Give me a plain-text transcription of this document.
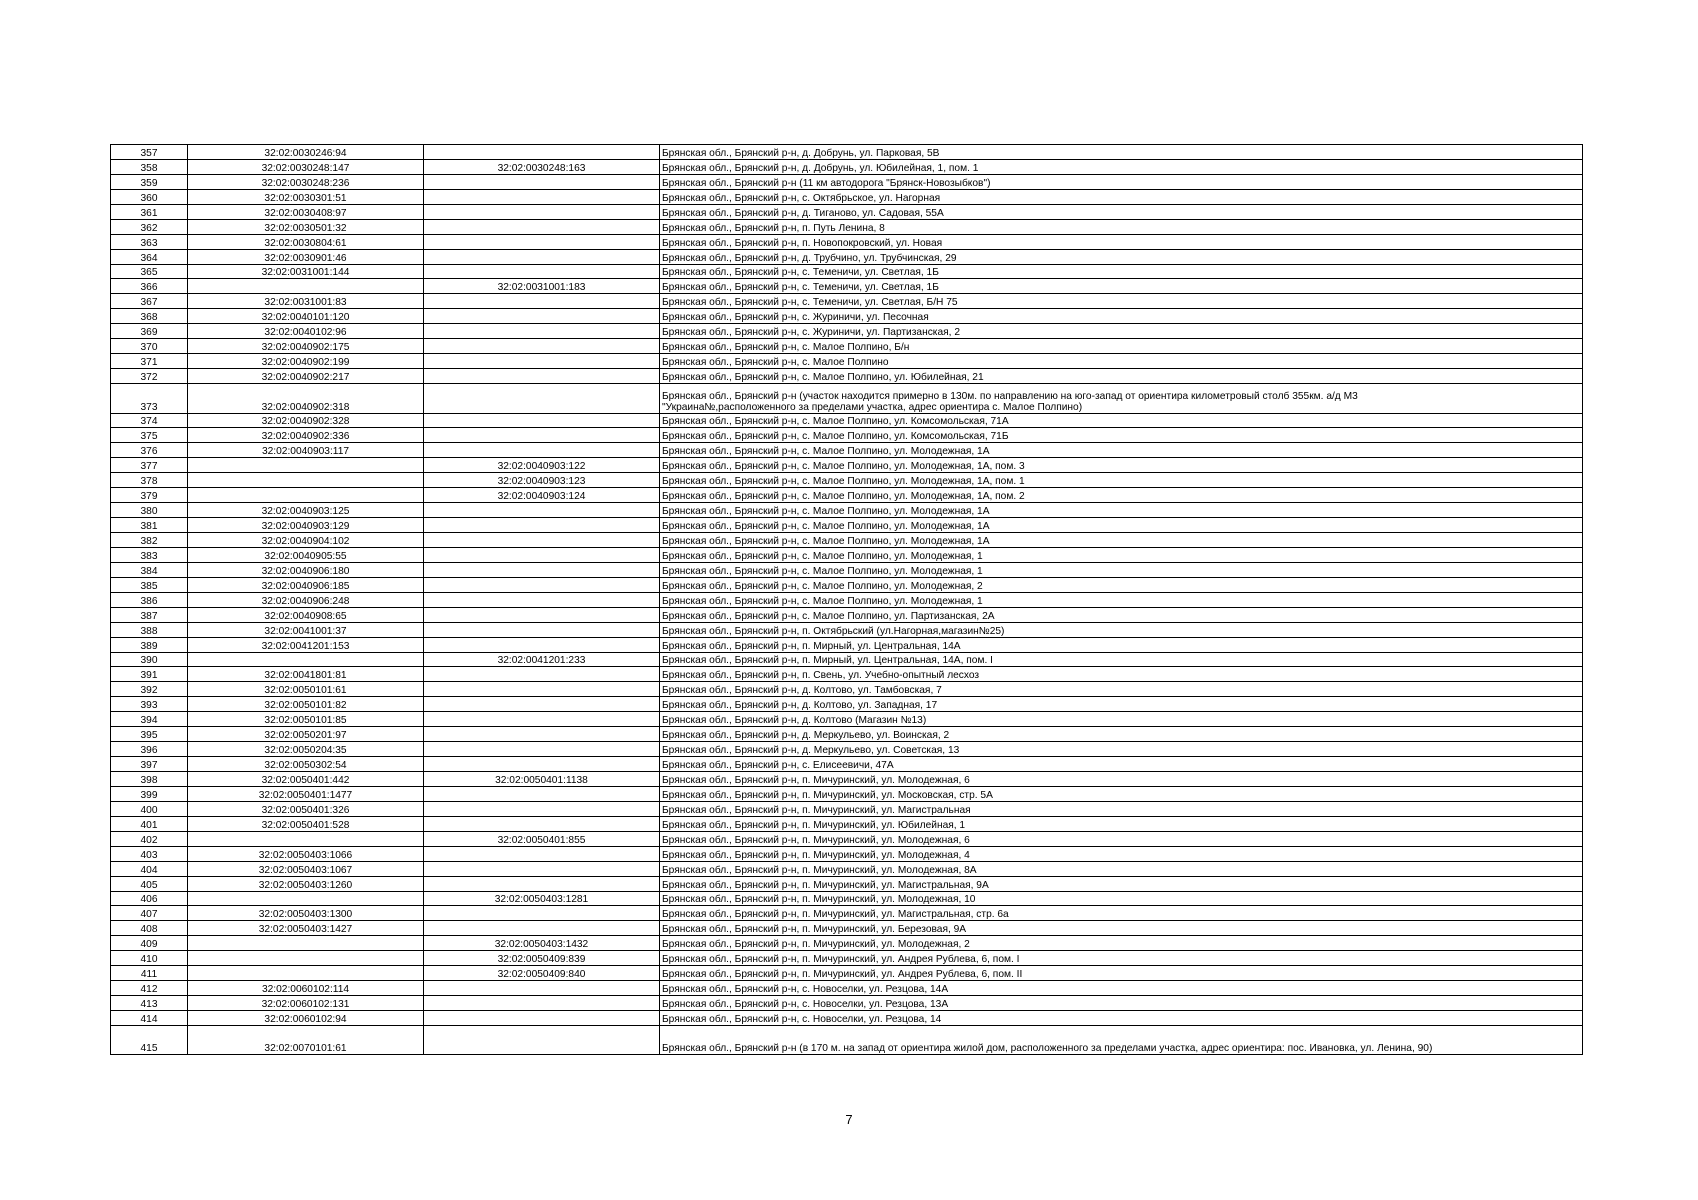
357	32:02:0030246:94		Брянская обл., Брянский р-н, д. Добрунь, ул. Парковая, 5В
358	32:02:0030248:147	32:02:0030248:163	Брянская обл., Брянский р-н, д. Добрунь, ул. Юбилейная, 1, пом. 1
359	32:02:0030248:236		Брянская обл., Брянский р-н (11 км автодорога "Брянск-Новозыбков")
360	32:02:0030301:51		Брянская обл., Брянский р-н, с. Октябрьское, ул. Нагорная
361	32:02:0030408:97		Брянская обл., Брянский р-н, д. Тиганово, ул. Садовая, 55А
362	32:02:0030501:32		Брянская обл., Брянский р-н, п. Путь Ленина, 8
363	32:02:0030804:61		Брянская обл., Брянский р-н, п. Новопокровский, ул. Новая
364	32:02:0030901:46		Брянская обл., Брянский р-н, д. Трубчино, ул. Трубчинская, 29
365	32:02:0031001:144		Брянская обл., Брянский р-н, с. Теменичи, ул. Светлая, 1Б
366		32:02:0031001:183	Брянская обл., Брянский р-н, с. Теменичи, ул. Светлая, 1Б
367	32:02:0031001:83		Брянская обл., Брянский р-н, с. Теменичи, ул. Светлая, Б/Н 75
368	32:02:0040101:120		Брянская обл., Брянский р-н, с. Журиничи, ул. Песочная
369	32:02:0040102:96		Брянская обл., Брянский р-н, с. Журиничи, ул. Партизанская, 2
370	32:02:0040902:175		Брянская обл., Брянский р-н, с. Малое Полпино, Б/н
371	32:02:0040902:199		Брянская обл., Брянский р-н, с. Малое Полпино
372	32:02:0040902:217		Брянская обл., Брянский р-н, с. Малое Полпино, ул. Юбилейная, 21
373	32:02:0040902:318		Брянская обл., Брянский р-н (участок находится примерно в 130м. по направлению на юго-запад от ориентира километровый столб 355км. а/д М3
"Украина№,расположенного за пределами участка, адрес ориентира с. Малое Полпино)
374	32:02:0040902:328		Брянская обл., Брянский р-н, с. Малое Полпино, ул. Комсомольская, 71А
375	32:02:0040902:336		Брянская обл., Брянский р-н, с. Малое Полпино, ул. Комсомольская, 71Б
376	32:02:0040903:117		Брянская обл., Брянский р-н, с. Малое Полпино, ул. Молодежная, 1А
377		32:02:0040903:122	Брянская обл., Брянский р-н, с. Малое Полпино, ул. Молодежная, 1А, пом. 3
378		32:02:0040903:123	Брянская обл., Брянский р-н, с. Малое Полпино, ул. Молодежная, 1А, пом. 1
379		32:02:0040903:124	Брянская обл., Брянский р-н, с. Малое Полпино, ул. Молодежная, 1А, пом. 2
380	32:02:0040903:125		Брянская обл., Брянский р-н, с. Малое Полпино, ул. Молодежная, 1А
381	32:02:0040903:129		Брянская обл., Брянский р-н, с. Малое Полпино, ул. Молодежная, 1А
382	32:02:0040904:102		Брянская обл., Брянский р-н, с. Малое Полпино, ул. Молодежная, 1А
383	32:02:0040905:55		Брянская обл., Брянский р-н, с. Малое Полпино, ул. Молодежная, 1
384	32:02:0040906:180		Брянская обл., Брянский р-н, с. Малое Полпино, ул. Молодежная, 1
385	32:02:0040906:185		Брянская обл., Брянский р-н, с. Малое Полпино, ул. Молодежная, 2
386	32:02:0040906:248		Брянская обл., Брянский р-н, с. Малое Полпино, ул. Молодежная, 1
387	32:02:0040908:65		Брянская обл., Брянский р-н, с. Малое Полпино, ул. Партизанская, 2А
388	32:02:0041001:37		Брянская обл., Брянский р-н, п. Октябрьский (ул.Нагорная,магазин№25)
389	32:02:0041201:153		Брянская обл., Брянский р-н, п. Мирный, ул. Центральная, 14А
390		32:02:0041201:233	Брянская обл., Брянский р-н, п. Мирный, ул. Центральная, 14А, пом. I
391	32:02:0041801:81		Брянская обл., Брянский р-н, п. Свень, ул. Учебно-опытный лесхоз
392	32:02:0050101:61		Брянская обл., Брянский р-н, д. Колтово, ул. Тамбовская, 7
393	32:02:0050101:82		Брянская обл., Брянский р-н, д. Колтово, ул. Западная, 17
394	32:02:0050101:85		Брянская обл., Брянский р-н, д. Колтово (Магазин №13)
395	32:02:0050201:97		Брянская обл., Брянский р-н, д. Меркульево, ул. Воинская, 2
396	32:02:0050204:35		Брянская обл., Брянский р-н, д. Меркульево, ул. Советская, 13
397	32:02:0050302:54		Брянская обл., Брянский р-н, с. Елисеевичи, 47А
398	32:02:0050401:442	32:02:0050401:1138	Брянская обл., Брянский р-н, п. Мичуринский, ул. Молодежная, 6
399	32:02:0050401:1477		Брянская обл., Брянский р-н, п. Мичуринский, ул. Московская, стр. 5А
400	32:02:0050401:326		Брянская обл., Брянский р-н, п. Мичуринский, ул. Магистральная
401	32:02:0050401:528		Брянская обл., Брянский р-н, п. Мичуринский, ул. Юбилейная, 1
402		32:02:0050401:855	Брянская обл., Брянский р-н, п. Мичуринский, ул. Молодежная, 6
403	32:02:0050403:1066		Брянская обл., Брянский р-н, п. Мичуринский, ул. Молодежная, 4
404	32:02:0050403:1067		Брянская обл., Брянский р-н, п. Мичуринский, ул. Молодежная, 8А
405	32:02:0050403:1260		Брянская обл., Брянский р-н, п. Мичуринский, ул. Магистральная, 9А
406		32:02:0050403:1281	Брянская обл., Брянский р-н, п. Мичуринский, ул. Молодежная, 10
407	32:02:0050403:1300		Брянская обл., Брянский р-н, п. Мичуринский, ул. Магистральная, стр. 6а
408	32:02:0050403:1427		Брянская обл., Брянский р-н, п. Мичуринский, ул. Березовая, 9А
409		32:02:0050403:1432	Брянская обл., Брянский р-н, п. Мичуринский, ул. Молодежная, 2
410		32:02:0050409:839	Брянская обл., Брянский р-н, п. Мичуринский, ул. Андрея Рублева, 6, пом. I
411		32:02:0050409:840	Брянская обл., Брянский р-н, п. Мичуринский, ул. Андрея Рублева, 6, пом. II
412	32:02:0060102:114		Брянская обл., Брянский р-н, с. Новоселки, ул. Резцова, 14А
413	32:02:0060102:131		Брянская обл., Брянский р-н, с. Новоселки, ул. Резцова, 13А
414	32:02:0060102:94		Брянская обл., Брянский р-н, с. Новоселки, ул. Резцова, 14
415	32:02:0070101:61		Брянская обл., Брянский р-н (в 170 м. на запад от ориентира жилой дом, расположенного за пределами участка, адрес ориентира: пос. Ивановка, ул. Ленина, 90)
7
